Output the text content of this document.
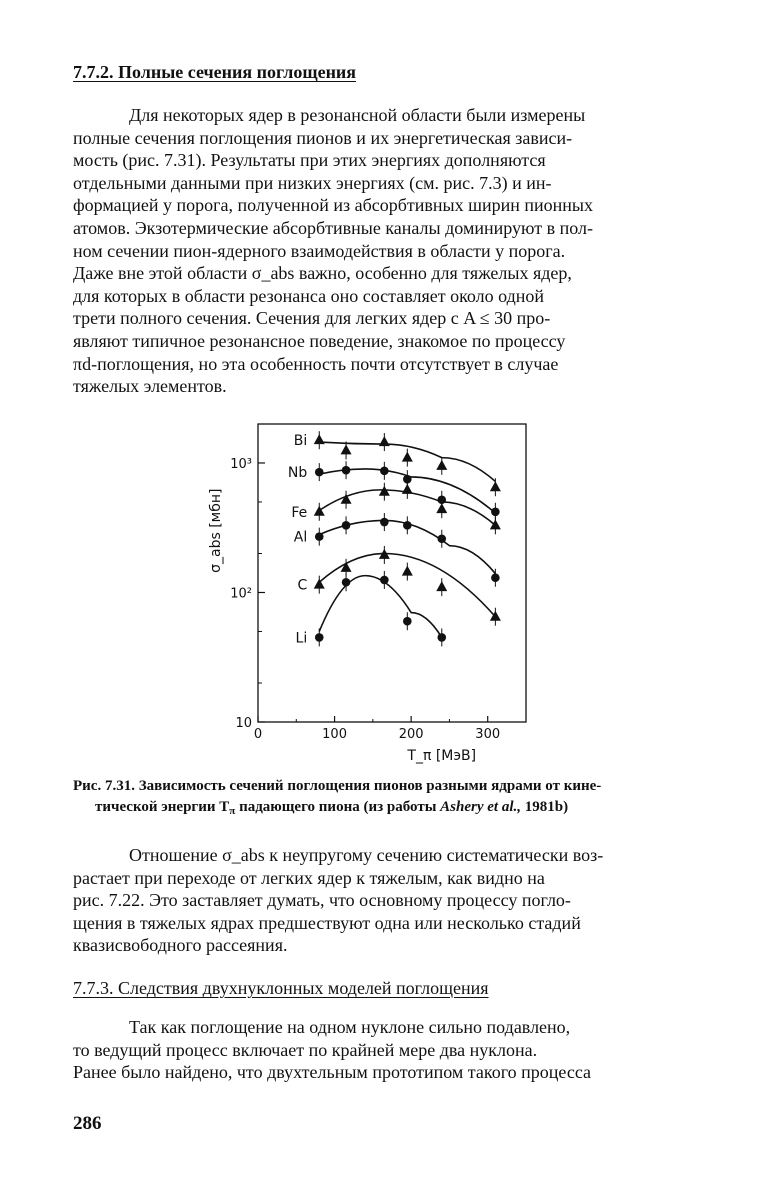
7.7.2. Полные сечения поглощения
Для некоторых ядер в резонансной области были измерены
полные сечения поглощения пионов и их энергетическая зависи-
мость (рис. 7.31). Результаты при этих энергиях дополняются
отдельными данными при низких энергиях (см. рис. 7.3) и ин-
формацией у порога, полученной из абсорбтивных ширин пионных
атомов. Экзотермические абсорбтивные каналы доминируют в пол-
ном сечении пион-ядерного взаимодействия в области у порога.
Даже вне этой области σ_abs важно, особенно для тяжелых ядер,
для которых в области резонанса оно составляет около одной
трети полного сечения. Сечения для легких ядер с A ≤ 30 про-
являют типичное резонансное поведение, знакомое по процессу
πd-поглощения, но эта особенность почти отсутствует в случае
тяжелых элементов.
0	100	200	300
10
10²
10³
T_π [МэВ]
σ_abs [мбн]
Bi
Nb
Fe
Al
C
Li
Рис. 7.31. Зависимость сечений поглощения пионов разными ядрами от кине-
тической энергии $T_\pi$ падающего пиона (из работы Ashery et al., 1981b)
Отношение σ_abs к неупругому сечению систематически воз-
растает при переходе от легких ядер к тяжелым, как видно на
рис. 7.22. Это заставляет думать, что основному процессу погло-
щения в тяжелых ядрах предшествуют одна или несколько стадий
квазисвободного рассеяния.
7.7.3. Следствия двухнуклонных моделей поглощения
Так как поглощение на одном нуклоне сильно подавлено,
то ведущий процесс включает по крайней мере два нуклона.
Ранее было найдено, что двухтельным прототипом такого процесса
286
